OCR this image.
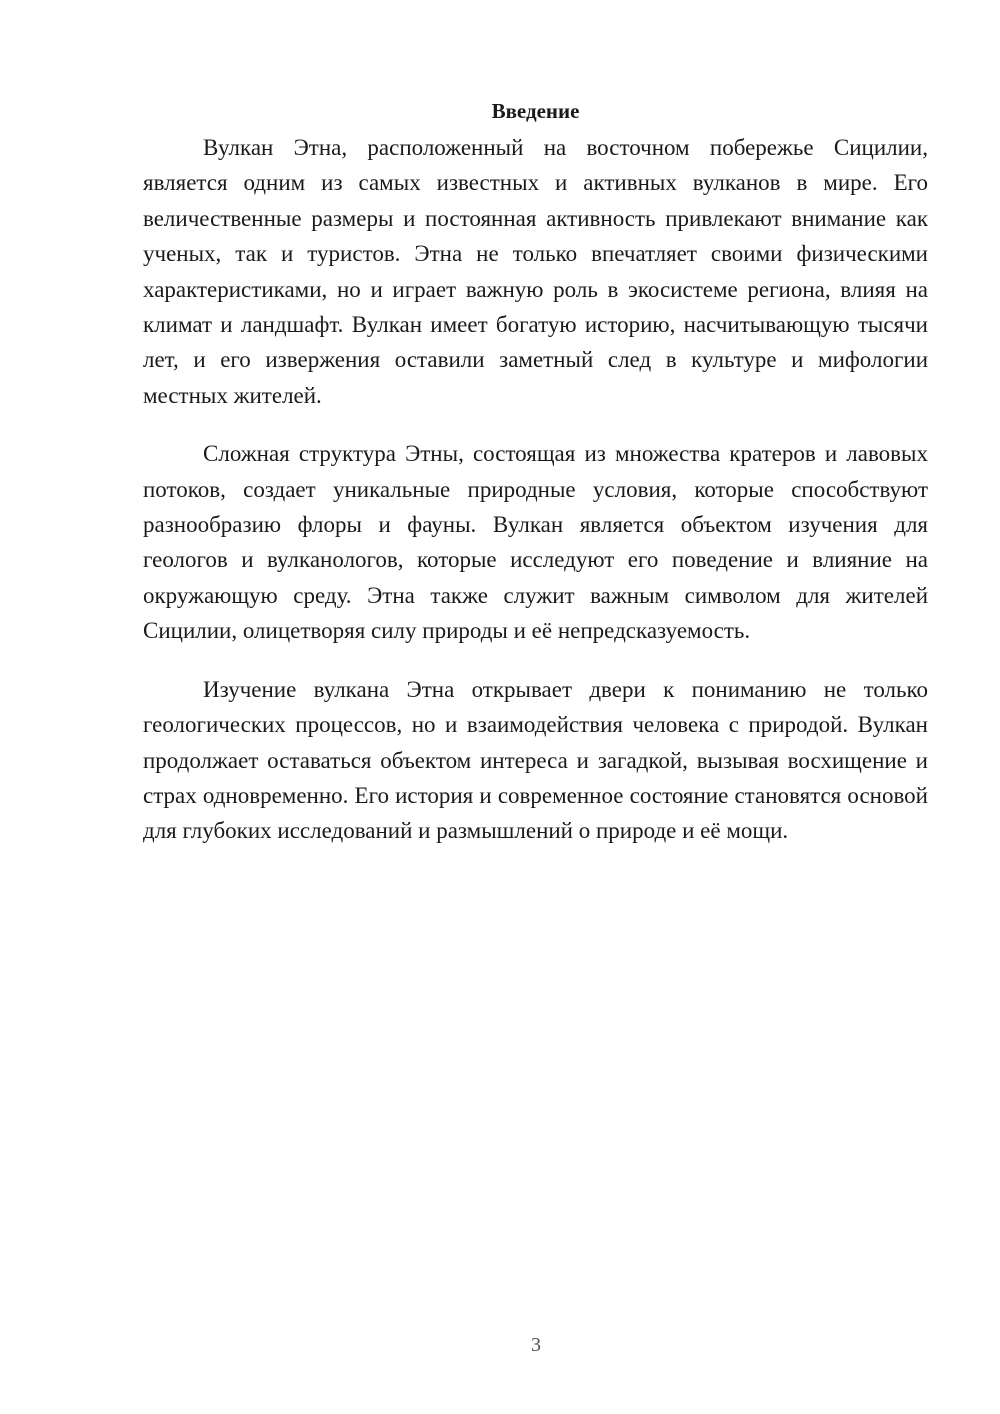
Введение

Вулкан Этна, расположенный на восточном побережье Сицилии, является одним из самых известных и активных вулканов в мире. Его величественные размеры и постоянная активность привлекают внимание как ученых, так и туристов. Этна не только впечатляет своими физическими характеристиками, но и играет важную роль в экосистеме региона, влияя на климат и ландшафт. Вулкан имеет богатую историю, насчитывающую тысячи лет, и его извержения оставили заметный след в культуре и мифологии местных жителей.

Сложная структура Этны, состоящая из множества кратеров и лавовых потоков, создает уникальные природные условия, которые способствуют разнообразию флоры и фауны. Вулкан является объектом изучения для геологов и вулканологов, которые исследуют его поведение и влияние на окружающую среду. Этна также служит важным символом для жителей Сицилии, олицетворяя силу природы и её непредсказуемость.

Изучение вулкана Этна открывает двери к пониманию не только геологических процессов, но и взаимодействия человека с природой. Вулкан продолжает оставаться объектом интереса и загадкой, вызывая восхищение и страх одновременно. Его история и современное состояние становятся основой для глубоких исследований и размышлений о природе и её мощи.

3
